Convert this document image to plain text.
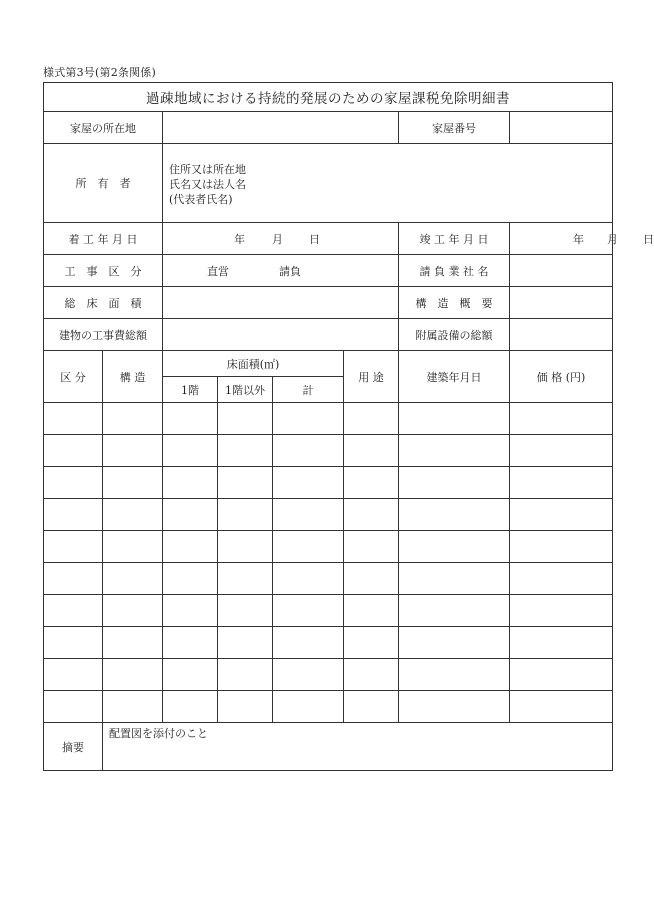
様式第3号(第2条関係)
過疎地域における持続的発展のための家屋課税免除明細書							
家屋の所在地						家屋番号	
所　有　者		住所又は所在地
氏名又は法人名
(代表者氏名)					

着 工 年 月 日		年 月 日				竣 工 年 月 日	年 月 日

工　事　区　分		直営 請負				請 負 業 社 名	
総　床　面　積						構　造　概　要	
建物の工事費総額						附属設備の総額	
区 分	構 造	床面積(㎡)			用 途	建築年月日	価 格 (円)
		1階	1階以外	計			

摘要	配置図を添付のこと						
